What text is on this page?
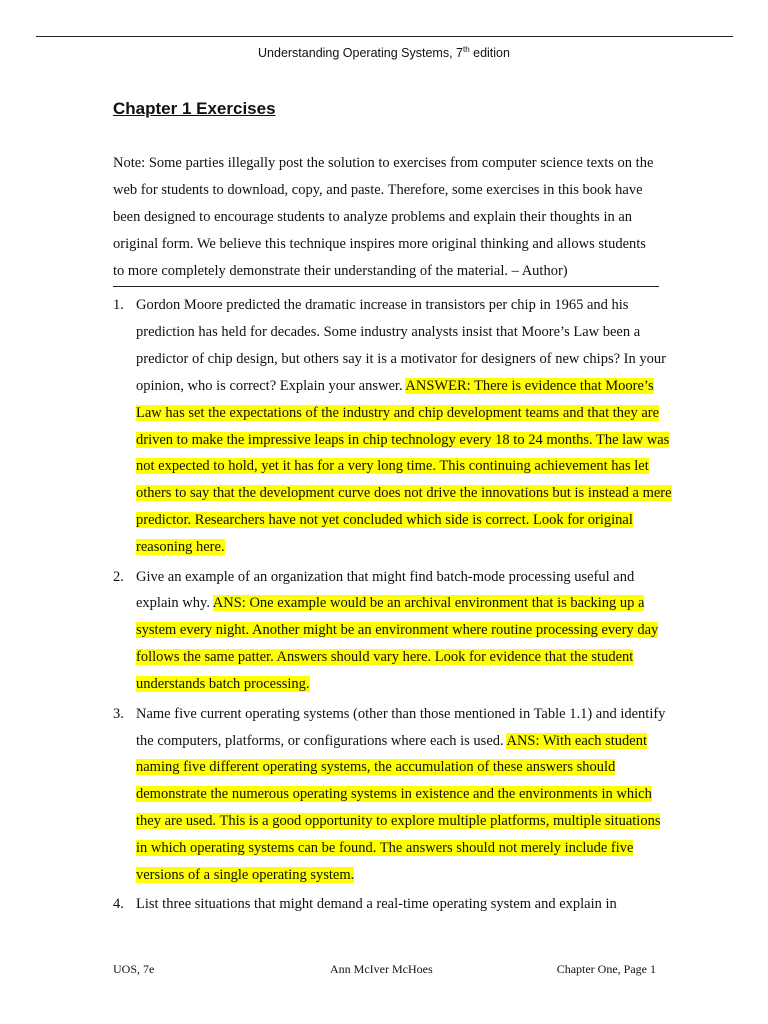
Understanding Operating Systems, 7th edition
Chapter 1 Exercises

Note: Some parties illegally post the solution to exercises from computer science texts on the web for students to download, copy, and paste. Therefore, some exercises in this book have been designed to encourage students to analyze problems and explain their thoughts in an original form. We believe this technique inspires more original thinking and allows students to more completely demonstrate their understanding of the material. – Author)

1. Gordon Moore predicted the dramatic increase in transistors per chip in 1965 and his prediction has held for decades. Some industry analysts insist that Moore’s Law been a predictor of chip design, but others say it is a motivator for designers of new chips? In your opinion, who is correct? Explain your answer. ANSWER: There is evidence that Moore’s Law has set the expectations of the industry and chip development teams and that they are driven to make the impressive leaps in chip technology every 18 to 24 months. The law was not expected to hold, yet it has for a very long time. This continuing achievement has let others to say that the development curve does not drive the innovations but is instead a mere predictor. Researchers have not yet concluded which side is correct. Look for original reasoning here.
2. Give an example of an organization that might find batch-mode processing useful and explain why. ANS: One example would be an archival environment that is backing up a system every night. Another might be an environment where routine processing every day follows the same patter. Answers should vary here. Look for evidence that the student understands batch processing.
3. Name five current operating systems (other than those mentioned in Table 1.1) and identify the computers, platforms, or configurations where each is used. ANS: With each student naming five different operating systems, the accumulation of these answers should demonstrate the numerous operating systems in existence and the environments in which they are used. This is a good opportunity to explore multiple platforms, multiple situations in which operating systems can be found. The answers should not merely include five versions of a single operating system.
4. List three situations that might demand a real-time operating system and explain in
UOS, 7e	Ann McIver McHoes	Chapter One, Page 1
